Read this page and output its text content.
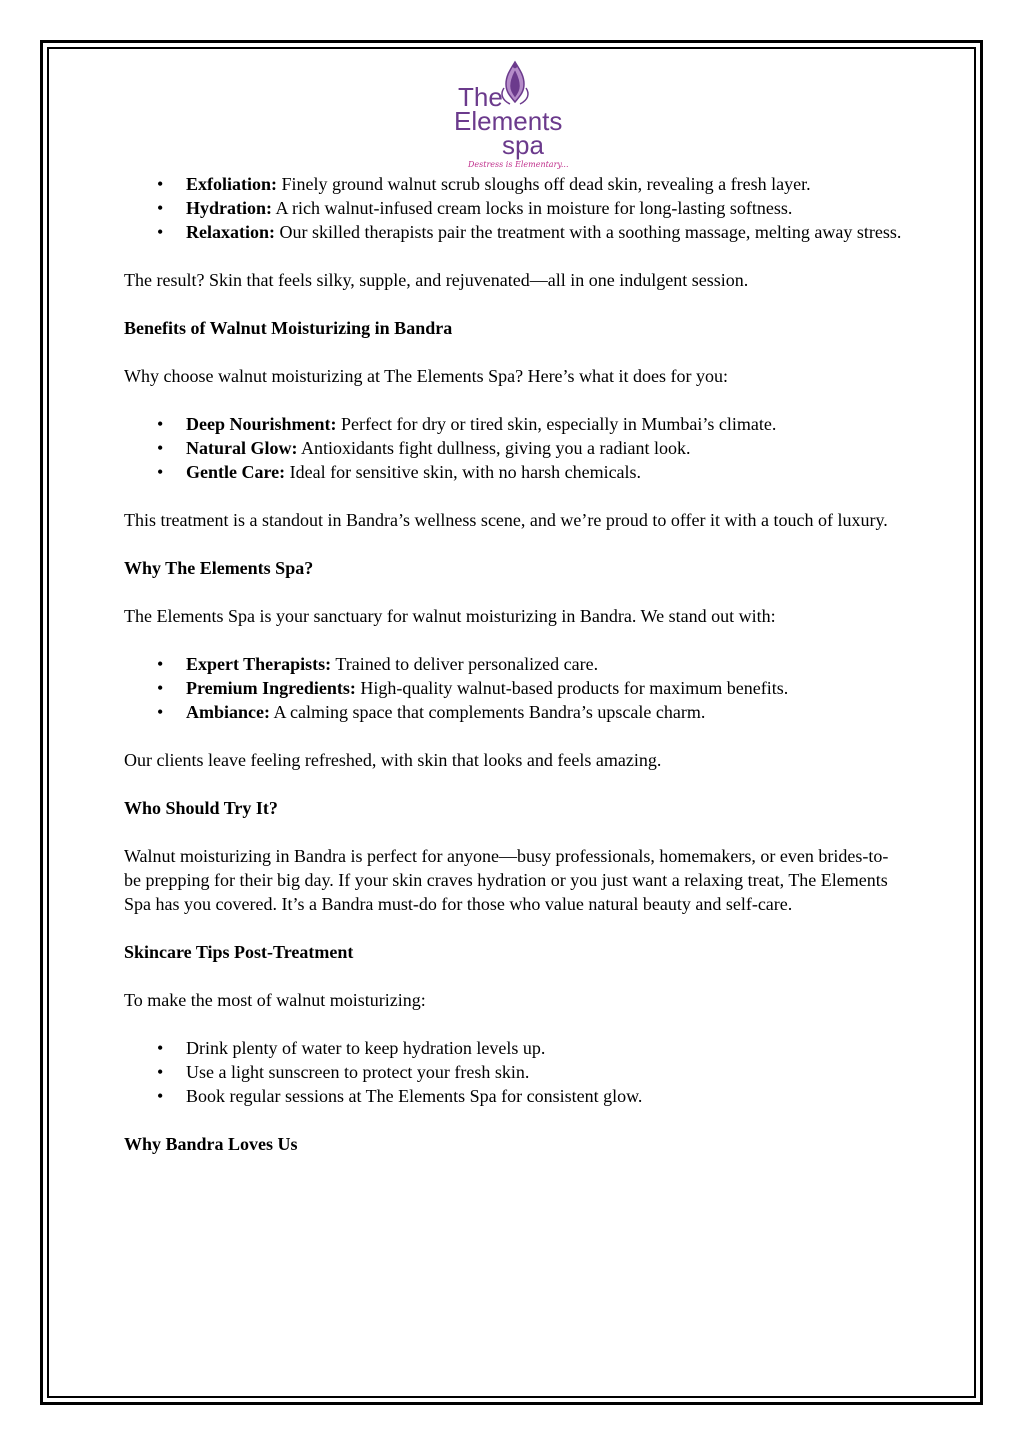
The
Elements
spa
Destress is Elementary...
• Exfoliation: Finely ground walnut scrub sloughs off dead skin, revealing a fresh layer.
• Hydration: A rich walnut-infused cream locks in moisture for long-lasting softness.
• Relaxation: Our skilled therapists pair the treatment with a soothing massage, melting away stress.

The result? Skin that feels silky, supple, and rejuvenated—all in one indulgent session.

Benefits of Walnut Moisturizing in Bandra

Why choose walnut moisturizing at The Elements Spa? Here’s what it does for you:

• Deep Nourishment: Perfect for dry or tired skin, especially in Mumbai’s climate.
• Natural Glow: Antioxidants fight dullness, giving you a radiant look.
• Gentle Care: Ideal for sensitive skin, with no harsh chemicals.

This treatment is a standout in Bandra’s wellness scene, and we’re proud to offer it with a touch of luxury.

Why The Elements Spa?

The Elements Spa is your sanctuary for walnut moisturizing in Bandra. We stand out with:

• Expert Therapists: Trained to deliver personalized care.
• Premium Ingredients: High-quality walnut-based products for maximum benefits.
• Ambiance: A calming space that complements Bandra’s upscale charm.

Our clients leave feeling refreshed, with skin that looks and feels amazing.

Who Should Try It?

Walnut moisturizing in Bandra is perfect for anyone—busy professionals, homemakers, or even brides-to-be prepping for their big day. If your skin craves hydration or you just want a relaxing treat, The Elements Spa has you covered. It’s a Bandra must-do for those who value natural beauty and self-care.

Skincare Tips Post-Treatment

To make the most of walnut moisturizing:

• Drink plenty of water to keep hydration levels up.
• Use a light sunscreen to protect your fresh skin.
• Book regular sessions at The Elements Spa for consistent glow.
Why Bandra Loves Us
